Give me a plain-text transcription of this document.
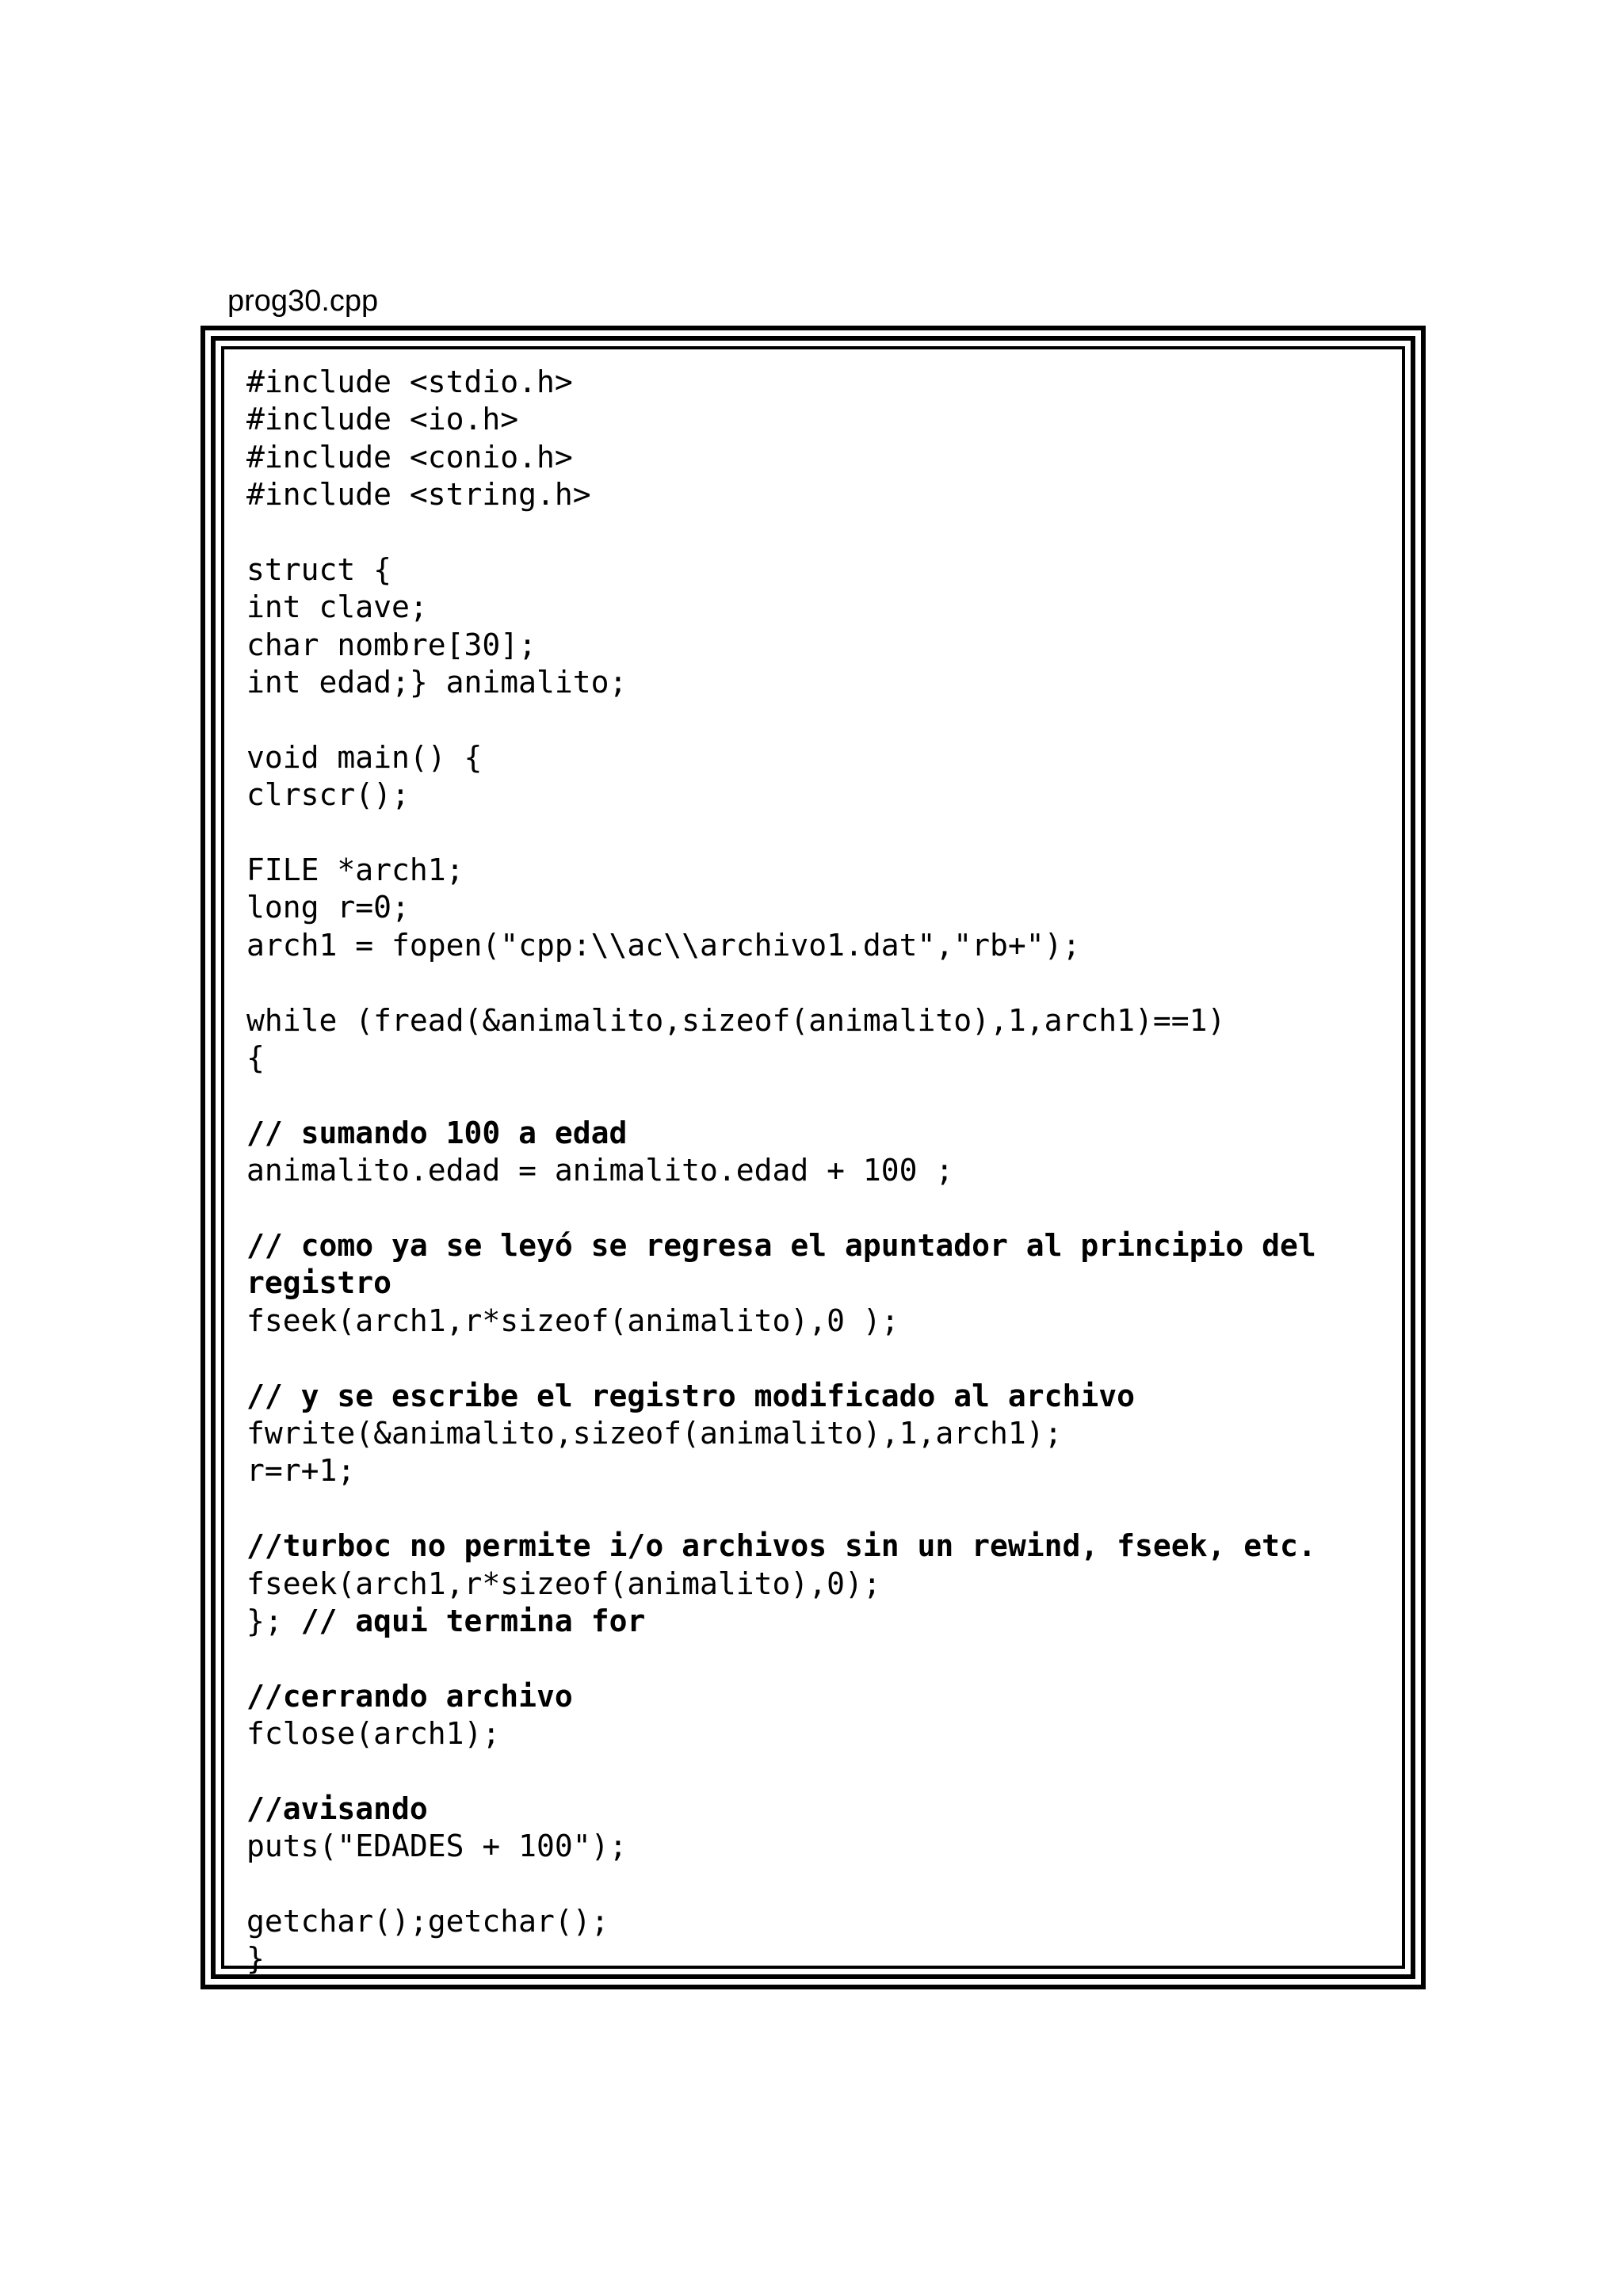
prog30.cpp
#include <stdio.h>
#include <io.h>
#include <conio.h>
#include <string.h>
struct {
int clave;
char nombre[30];
int edad;} animalito;
void main() {
clrscr();
FILE *arch1;
long r=0;
arch1 = fopen("cpp:\\ac\\archivo1.dat","rb+");
while (fread(&animalito,sizeof(animalito),1,arch1)==1)
{
// sumando 100 a edad
animalito.edad = animalito.edad + 100 ;
// como ya se leyó se regresa el apuntador al principio del
registro
fseek(arch1,r*sizeof(animalito),0 );
// y se escribe el registro modificado al archivo
fwrite(&animalito,sizeof(animalito),1,arch1);
r=r+1;
//turboc no permite i/o archivos sin un rewind, fseek, etc.
fseek(arch1,r*sizeof(animalito),0);
}; // aqui termina for
//cerrando archivo
fclose(arch1);
//avisando
puts("EDADES + 100");
getchar();getchar();
}
